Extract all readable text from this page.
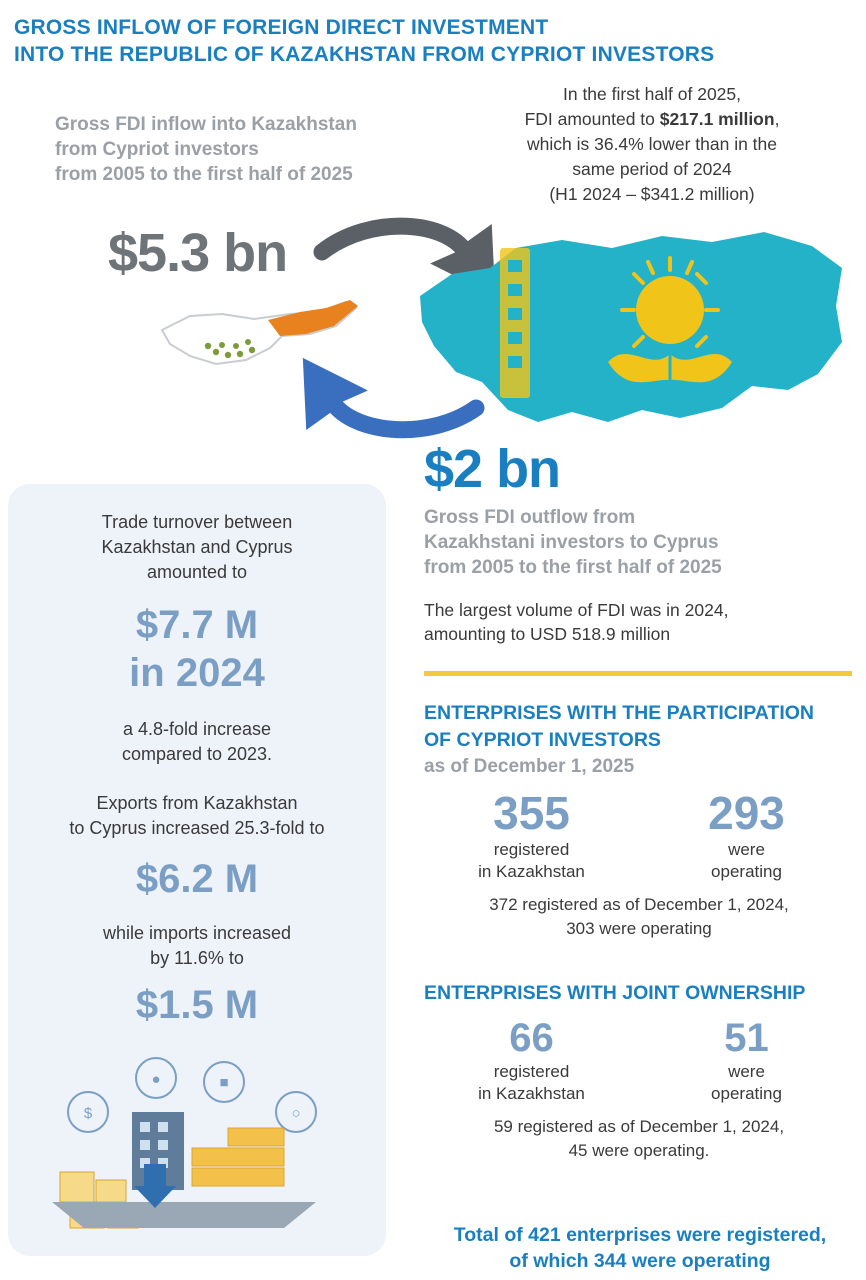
GROSS INFLOW OF FOREIGN DIRECT INVESTMENT
INTO THE REPUBLIC OF KAZAKHSTAN FROM CYPRIOT INVESTORS
Gross FDI inflow into Kazakhstan
from Cypriot investors
from 2005 to the first half of 2025
In the first half of 2025,
FDI amounted to $217.1 million,
which is 36.4% lower than in the
same period of 2024
(H1 2024 – $341.2 million)
$5.3 bn
$2 bn
Gross FDI outflow from
Kazakhstani investors to Cyprus
from 2005 to the first half of 2025
The largest volume of FDI was in 2024,
amounting to USD 518.9 million
ENTERPRISES WITH THE PARTICIPATION
OF CYPRIOT INVESTORS
as of December 1, 2025
355
registered
in Kazakhstan
293
were
operating
372 registered as of December 1, 2024,
303 were operating
ENTERPRISES WITH JOINT OWNERSHIP
66
registered
in Kazakhstan
51
were
operating
59 registered as of December 1, 2024,
45 were operating.
Total of 421 enterprises were registered,
of which 344 were operating
Trade turnover between
Kazakhstan and Cyprus
amounted to
$7.7 M
in 2024
a 4.8-fold increase
compared to 2023.
Exports from Kazakhstan
to Cyprus increased 25.3-fold to
$6.2 M
while imports increased
by 11.6% to
$1.5 M
$
●	■
○
